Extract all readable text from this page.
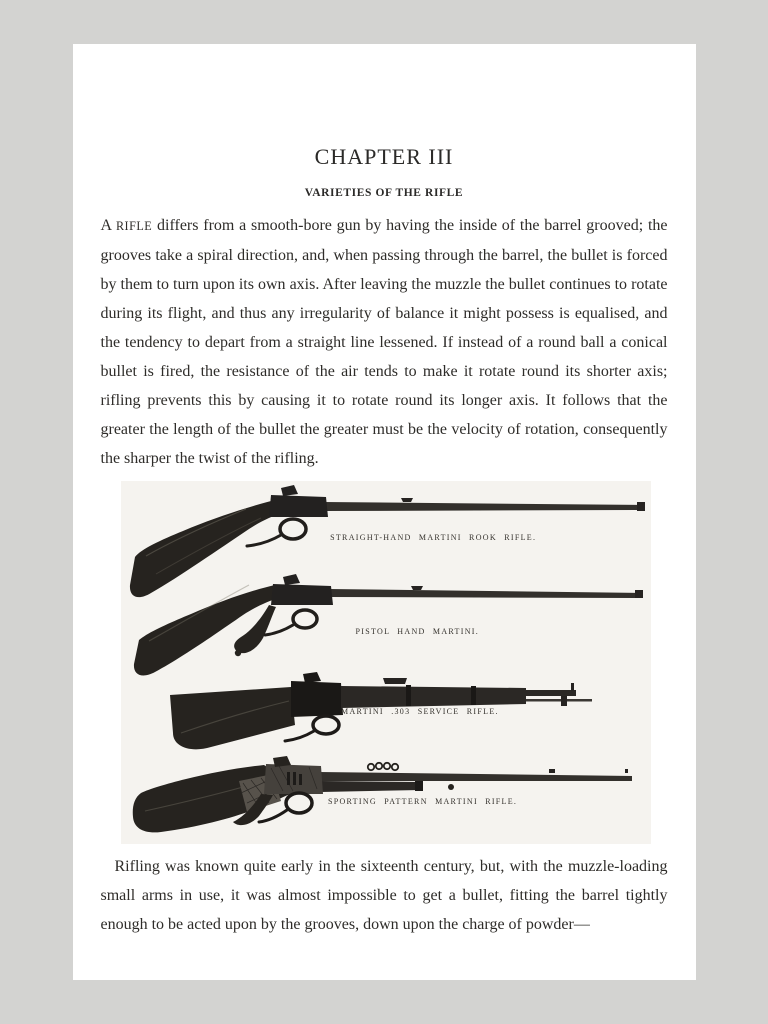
CHAPTER III
VARIETIES OF THE RIFLE

A RIFLE differs from a smooth-bore gun by having the inside of the barrel grooved; the grooves take a spiral direction, and, when passing through the barrel, the bullet is forced by them to turn upon its own axis. After leaving the muzzle the bullet continues to rotate during its flight, and thus any irregularity of balance it might possess is equalised, and the tendency to depart from a straight line lessened. If instead of a round ball a conical bullet is fired, the resistance of the air tends to make it rotate round its shorter axis; rifling prevents this by causing it to rotate round its longer axis. It follows that the greater the length of the bullet the greater must be the velocity of rotation, consequently the sharper the twist of the rifling.

STRAIGHT-HAND MARTINI ROOK RIFLE.
PISTOL HAND MARTINI.
MARTINI .303 SERVICE RIFLE.
SPORTING PATTERN MARTINI RIFLE.

Rifling was known quite early in the sixteenth century, but, with the muzzle-loading small arms in use, it was almost impossible to get a bullet, fitting the barrel tightly enough to be acted upon by the grooves, down upon the charge of powder—
